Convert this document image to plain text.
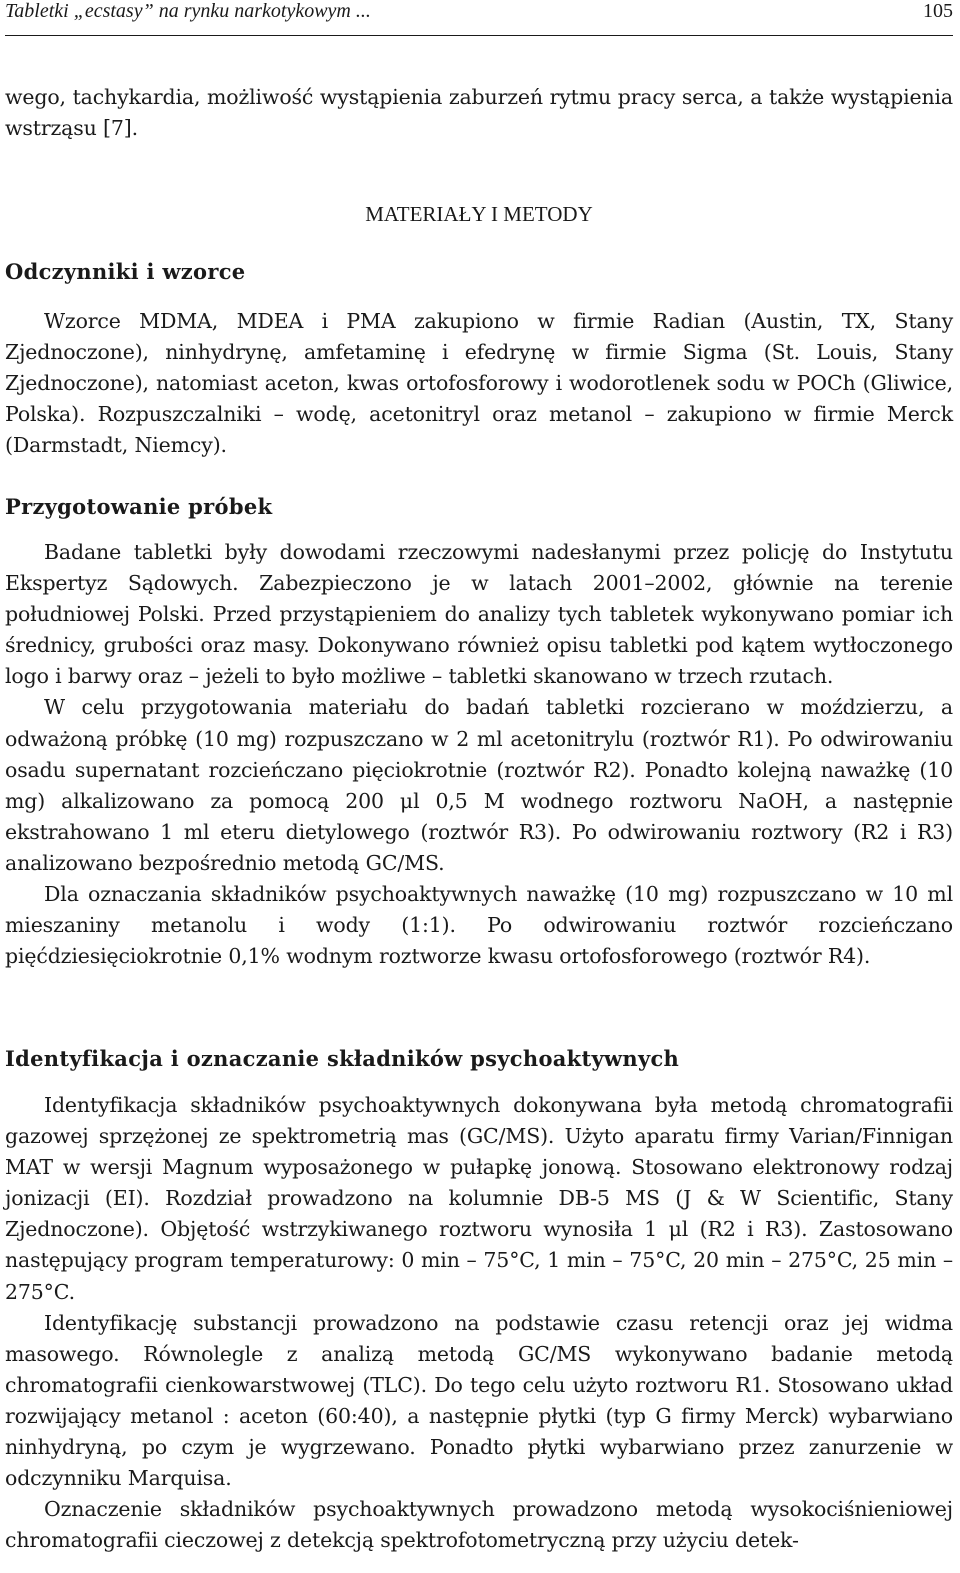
Tabletki „ecstasy” na rynku narkotykowym ...	105

wego, tachykardia, możliwość wystąpienia zaburzeń rytmu pracy serca, a także wystąpienia wstrząsu [7].

MATERIAŁY I METODY
Odczynniki i wzorce

Wzorce MDMA, MDEA i PMA zakupiono w firmie Radian (Austin, TX, Stany Zjednoczone), ninhydrynę, amfetaminę i efedrynę w firmie Sigma (St. Louis, Stany Zjednoczone), natomiast aceton, kwas ortofosforowy i wodorotlenek sodu w POCh (Gliwice, Polska). Rozpuszczalniki – wodę, acetonitryl oraz metanol – zakupiono w firmie Merck (Darmstadt, Niemcy).

Przygotowanie próbek

Badane tabletki były dowodami rzeczowymi nadesłanymi przez policję do Instytutu Ekspertyz Sądowych. Zabezpieczono je w latach 2001–2002, głównie na terenie południowej Polski. Przed przystąpieniem do analizy tych tabletek wykonywano pomiar ich średnicy, grubości oraz masy. Dokonywano również opisu tabletki pod kątem wytłoczonego logo i barwy oraz – jeżeli to było możliwe – tabletki skanowano w trzech rzutach.

W celu przygotowania materiału do badań tabletki rozcierano w moździerzu, a odważoną próbkę (10 mg) rozpuszczano w 2 ml acetonitrylu (roztwór R1). Po odwirowaniu osadu supernatant rozcieńczano pięciokrotnie (roztwór R2). Ponadto kolejną naważkę (10 mg) alkalizowano za pomocą 200 μl 0,5 M wodnego roztworu NaOH, a następnie ekstrahowano 1 ml eteru dietylowego (roztwór R3). Po odwirowaniu roztwory (R2 i R3) analizowano bezpośrednio metodą GC/MS.

Dla oznaczania składników psychoaktywnych naważkę (10 mg) rozpuszczano w 10 ml mieszaniny metanolu i wody (1:1). Po odwirowaniu roztwór rozcieńczano pięćdziesięciokrotnie 0,1% wodnym roztworze kwasu ortofosforowego (roztwór R4).

Identyfikacja i oznaczanie składników psychoaktywnych

Identyfikacja składników psychoaktywnych dokonywana była metodą chromatografii gazowej sprzężonej ze spektrometrią mas (GC/MS). Użyto aparatu firmy Varian/Finnigan MAT w wersji Magnum wyposażonego w pułapkę jonową. Stosowano elektronowy rodzaj jonizacji (EI). Rozdział prowadzono na kolumnie DB-5 MS (J & W Scientific, Stany Zjednoczone). Objętość wstrzykiwanego roztworu wynosiła 1 μl (R2 i R3). Zastosowano następujący program temperaturowy: 0 min – 75°C, 1 min – 75°C, 20 min – 275°C, 25 min – 275°C.

Identyfikację substancji prowadzono na podstawie czasu retencji oraz jej widma masowego. Równolegle z analizą metodą GC/MS wykonywano badanie metodą chromatografii cienkowarstwowej (TLC). Do tego celu użyto roztworu R1. Stosowano układ rozwijający metanol : aceton (60:40), a następnie płytki (typ G firmy Merck) wybarwiano ninhydryną, po czym je wygrzewano. Ponadto płytki wybarwiano przez zanurzenie w odczynniku Marquisa.

Oznaczenie składników psychoaktywnych prowadzono metodą wysokociśnieniowej chromatografii cieczowej z detekcją spektrofotometryczną przy użyciu detek-
